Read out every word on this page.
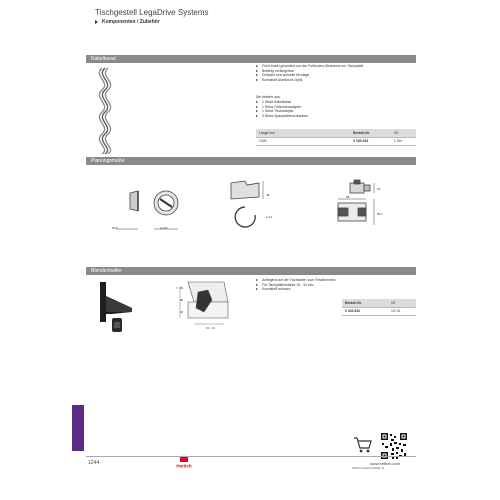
Tischgestell LegaDrive Systems
Komponenten / Zubehör
Kabelkanal
Führt Kabel geschützt von der Fußboden-Steckdose zur Tischplatte
Beliebig verlängerbar
Einfache und schnelle Montage
Kunststoff Aluminium Optik
Set besteht aus:
1 Stück Kabelkanal
1 Stück Fußbodenadapter
1 Stück Tischadapter
2 Stück Spanplattenschrauben
Länge mm	Bestell-Nr.	VE
1000	9 189 284	1 Set
Planungsmaße
65,5	ø 102
48
ø 44
20
58
96,7
Blendenhalter
7 - 80
80
20
15 - 34
Auflegend auf der Tischkante, zum Festklemmen
Für Tischplattenstärke 15 - 34 mm
Kunststoff schwarz
Bestell-Nr.	VE
0 044 840	1/2 St.
Hettich-eshop/zum/22831-41
1244	Hettich	www.hettich.com
